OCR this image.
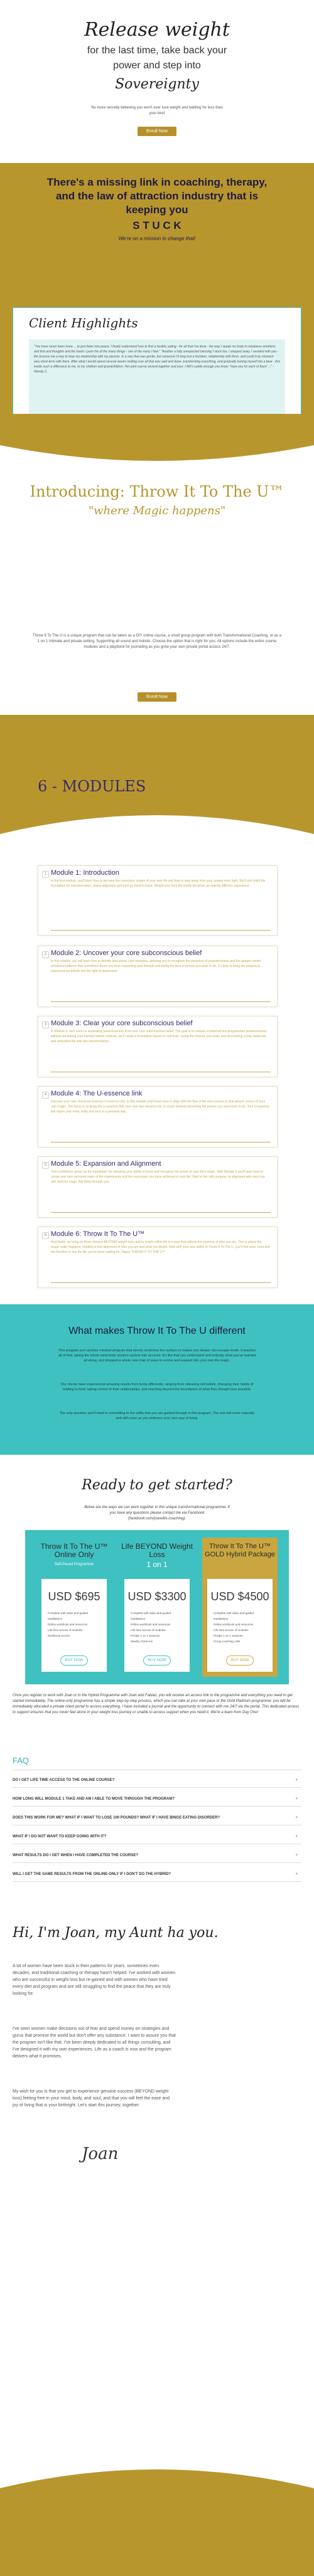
Release weight
for the last time, take back your
power and step into
Sovereignty
No more secretly believing you won't ever lose weight and battling for less than your best
Enroll Now
There's a missing link in coaching, therapy, and the law of attraction industry that is keeping you
S T U C K
We're on a mission to change that!
Client Highlights
"You have never been more ... to just listen into peace. I finally understand how to find a healthy eating - for all that I've done - the way I speak my body to rebalance emotions and find and thoughts and the foods I push the of the many things - one of the many I feel." "Another a fully unexpected blessing I stuck too. I stepped away. I avoided with you - the lessons me a way to hear my relationship with my parents. In a way that was gentle, but someone I'd long lost a fourteen, relationship with them, and could truly stomach very short-term with them. After what I would spend several weeks mulling over all that was said and done, transforming everything, and gradually turning myself into a bear - this inside such a difference to me, to my children and grandchildren. Her joint course several together and your. I AM's subtle enough you know: 'have you for each of them' ..." - Wendy C.
Introducing: Throw It To The U™
"where Magic happens"
Throw It To The U is a unique program that can be taken as a DIY online course, a small group program with both Transformational Coaching, or as a 1 on 1 Intimate and private setting. Supporting all sound and holistic. Choose the option that is right for you. All options include the entire course modules and a playbook for journaling as you grow your own private portal access 24/7.
Enroll Now
6 - MODULES
1 Module 1: Introduction

In the first module, you'll learn how to become the conscious creator of your own life and how to step away from your unique inner light. We'll also build the foundation for transformation, where alignment and trust go hand in hand. Weight loss from the inside becomes an entirely different experience.

2 Module 2: Uncover your core subconscious belief

In this module, you will learn how to identify and unlock your emotions, allowing you to recognize the presence of powerlessness and the deeper rooted emotional patterns that sometimes throw you from supporting your lifestyle and being the kind of person you want to be. It's time to bring the powerless subconscious beliefs into the light of awareness.

3 Module 3: Clear your core subconscious belief

In Module 3, we'll work on separating powerlessness from your core subconscious belief. The goal is to release a historical but programmed powerlessness without reinstating your harmful beliefs. Instead, we'll create a foundation based on self-trust, loving the choices you make and discovering a truly balanced and embodied life with this transformation.

4 Module 4: The U-essence link

Discover your own Universal Essence U-essence link. In this module you'll learn how to align with the flow of life and connect to that deeper source of your own magic. The focus is on living the U-essence that your soul was meant to be, to reach towards becoming the person you were born to be. Your U-essence link aligns your mind, body and soul in a personal way.

5 Module 5: Expansion and Alignment

Your confidence grows as the foundation for releasing your ability to know and recognize the power of your life's magic. With Module 5 you'll learn how to create your own personal maps of the experiences and the successes you have achieved in your life. Start to live with purpose, in alignment with your true self, and the magic that flows through you.

6 Module 6: Throw It To The U™

And finally, we bring on those dreams BEYOND weight loss, and to create within life in a way that reflects the essence of who you are. This is where the magic really happens, creating a true alignment of who you are and what you desire. Now with your new ability to Throw It To The U, you'll find ease, trust and the freedom to live the life you've been waiting for. Happy THROW IT TO THE U™

What makes Throw It To The U different
This program isn't another mindset program that merely scratches the surface or makes you deeper into escape mode. It teaches all of that, taking the whole mind body wisdom system into account. It's like that you understand and embody what you've learned all along, and dropped a whole new map of ways to evolve and expand into your own life magic.
Our clients have experienced amazing results from living differently, ranging from releasing old beliefs, changing their habits of relating to food, taking control of their relationships, and reaching beyond the boundaries of what they thought was possible.
The only question you'll need is committing to the shifts that you are guided through in this program. The rest will come naturally and with ease as you embrace your own way of living.
Ready to get started?
Below are the ways we can work together in this unique transformational programme. If you have any questions please contact me via Facebook (facebook.com/joanellis.coaching).
Throw It To The U™ Online Only
Self-Paced Programme
USD $695
Complete with video and guided meditations
Online workbook and resources
Life time access of modules
Workbook access
BUY NOW
Life BEYOND Weight Loss
1 on 1
USD $3300
Complete with video and guided meditations
Online workbook and resources
Life time access of modules
Private 1 on 1 sessions
Weekly check-ins
BUY NOW
Throw It To The U™ GOLD Hybrid Package
USD $4500
Complete with video and guided meditations
Online workbook and resources
Life time access of modules
Private 1 on 1 sessions
Group coaching calls
BUY NOW
Once you register to work with Joan or in the Hybrid Programme with Joan and Fabian, you will receive an access link to the programme and everything you need to get started immediately. The online-only programme has a simple step-by-step process, which you can take at your own pace or the Gold Platinum programme; you will be immediately allocated a private client portal to access everything. I have included a journal and the opportunity to connect with me 24/7 via the portal. This dedicated access to support ensures that you never feel alone in your weight loss journey or unable to access support when you need it. We're a team from Day One!
FAQ
DO I GET LIFE TIME ACCESS TO THE ONLINE COURSE?	+
HOW LONG WILL MODULE 1 TAKE AND AM I ABLE TO MOVE THROUGH THE PROGRAM?	+
DOES THIS WORK FOR ME? WHAT IF I WANT TO LOSE 100 POUNDS? WHAT IF I HAVE BINGE EATING DISORDER?	+
WHAT IF I DO NOT WANT TO KEEP GOING WITH IT?	+
WHAT RESULTS DO I GET WHEN I HAVE COMPLETED THE COURSE?	+
WILL I GET THE SAME RESULTS FROM THE ONLINE-ONLY IF I DON'T DO THE HYBRID?	+
Hi, I'm Joan, my Aunt ha you.
A lot of women have been stuck in their patterns for years, sometimes even decades, and traditional coaching or therapy hasn't helped. I've worked with women who are successful in weight loss but re-gained and with women who have tried every diet and program and are still struggling to find the peace that they are truly looking for.
I've seen women make decisions out of fear and spend money on strategies and gurus that promise the world but don't offer any substance. I want to assure you that the program isn't like that. I've been deeply dedicated to all things consulting, and I've designed it with my own experiences. Life as a coach is now and the program delivers what it promises.
My wish for you is that you get to experience genuine success (BEYOND weight loss) feeling free in your mind, body, and soul, and that you will feel the ease and joy of living that is your birthright. Let's start this journey, together.
Joan
